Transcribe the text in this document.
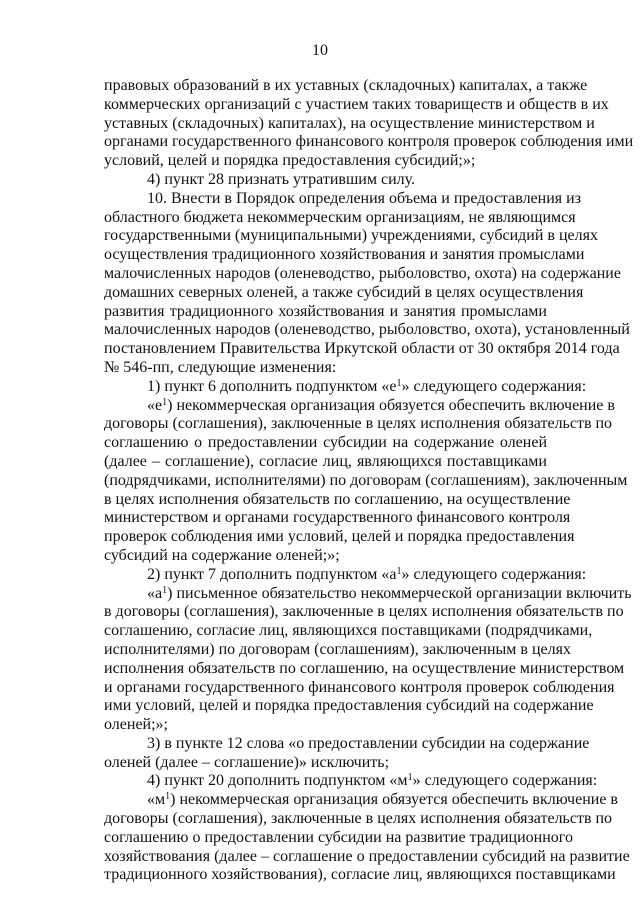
10
правовых образований в их уставных (складочных) капиталах, а также
коммерческих организаций с участием таких товариществ и обществ в их
уставных (складочных) капиталах), на осуществление министерством и
органами государственного финансового контроля проверок соблюдения ими
условий, целей и порядка предоставления субсидий;»;
4) пункт 28 признать утратившим силу.
10. Внести в Порядок определения объема и предоставления из
областного бюджета некоммерческим организациям, не являющимся
государственными (муниципальными) учреждениями, субсидий в целях
осуществления традиционного хозяйствования и занятия промыслами
малочисленных народов (оленеводство, рыболовство, охота) на содержание
домашних северных оленей, а также субсидий в целях осуществления
развития традиционного хозяйствования и занятия промыслами
малочисленных народов (оленеводство, рыболовство, охота), установленный
постановлением Правительства Иркутской области от 30 октября 2014 года
№ 546-пп, следующие изменения:
1) пункт 6 дополнить подпунктом «$е^1$» следующего содержания:
«$е^1$) некоммерческая организация обязуется обеспечить включение в
договоры (соглашения), заключенные в целях исполнения обязательств по
соглашению о предоставлении субсидии на содержание оленей
(далее – соглашение), согласие лиц, являющихся поставщиками
(подрядчиками, исполнителями) по договорам (соглашениям), заключенным
в целях исполнения обязательств по соглашению, на осуществление
министерством и органами государственного финансового контроля
проверок соблюдения ими условий, целей и порядка предоставления
субсидий на содержание оленей;»;
2) пункт 7 дополнить подпунктом «$а^1$» следующего содержания:
«$а^1$) письменное обязательство некоммерческой организации включить
в договоры (соглашения), заключенные в целях исполнения обязательств по
соглашению, согласие лиц, являющихся поставщиками (подрядчиками,
исполнителями) по договорам (соглашениям), заключенным в целях
исполнения обязательств по соглашению, на осуществление министерством
и органами государственного финансового контроля проверок соблюдения
ими условий, целей и порядка предоставления субсидий на содержание
оленей;»;
3) в пункте 12 слова «о предоставлении субсидии на содержание
оленей (далее – соглашение)» исключить;
4) пункт 20 дополнить подпунктом «$м^1$» следующего содержания:
«$м^1$) некоммерческая организация обязуется обеспечить включение в
договоры (соглашения), заключенные в целях исполнения обязательств по
соглашению о предоставлении субсидии на развитие традиционного
хозяйствования (далее – соглашение о предоставлении субсидий на развитие
традиционного хозяйствования), согласие лиц, являющихся поставщиками
